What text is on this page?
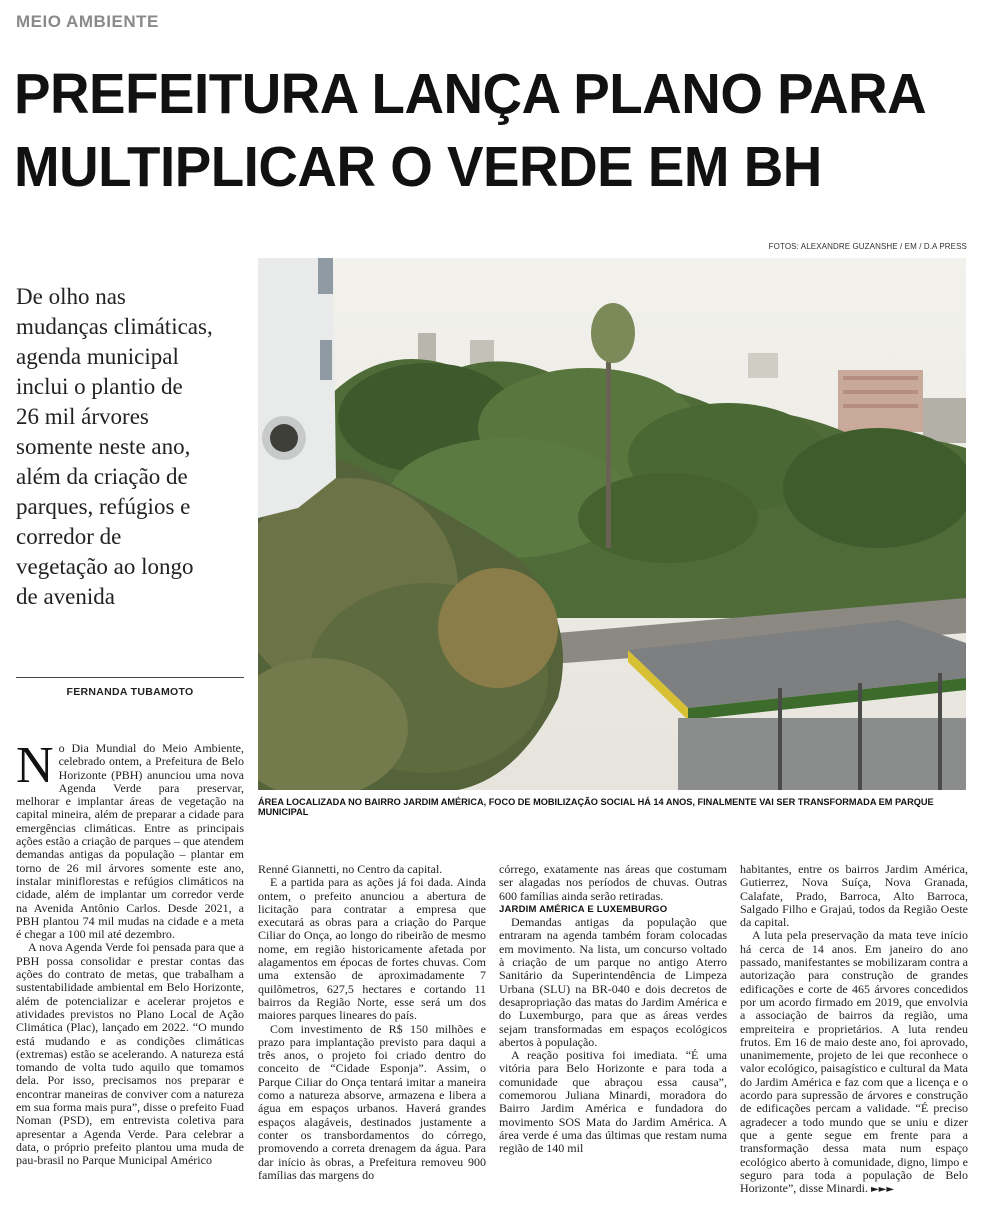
MEIO AMBIENTE
PREFEITURA LANÇA PLANO PARA
MULTIPLICAR O VERDE EM BH
FOTOS: ALEXANDRE GUZANSHE / EM / D.A PRESS
De olho nas
mudanças climáticas,
agenda municipal
inclui o plantio de
26 mil árvores
somente neste ano,
além da criação de
parques, refúgios e
corredor de
vegetação ao longo
de avenida
FERNANDA TUBAMOTO
ÁREA LOCALIZADA NO BAIRRO JARDIM AMÉRICA, FOCO DE MOBILIZAÇÃO SOCIAL HÁ 14 ANOS, FINALMENTE VAI SER TRANSFORMADA EM PARQUE MUNICIPAL

No Dia Mundial do Meio Ambiente, celebrado ontem, a Prefeitura de Belo Horizonte (PBH) anunciou uma nova Agenda Verde para preservar, melhorar e implantar áreas de vegetação na capital mineira, além de preparar a cidade para emergências climáticas. Entre as principais ações estão a criação de parques – que atendem demandas antigas da população – plantar em torno de 26 mil árvores somente este ano, instalar miniflorestas e refúgios climáticos na cidade, além de implantar um corredor verde na Avenida Antônio Carlos. Desde 2021, a PBH plantou 74 mil mudas na cidade e a meta é chegar a 100 mil até dezembro.

A nova Agenda Verde foi pensada para que a PBH possa consolidar e prestar contas das ações do contrato de metas, que trabalham a sustentabilidade ambiental em Belo Horizonte, além de potencializar e acelerar projetos e atividades previstos no Plano Local de Ação Climática (Plac), lançado em 2022. “O mundo está mudando e as condições climáticas (extremas) estão se acelerando. A natureza está tomando de volta tudo aquilo que tomamos dela. Por isso, precisamos nos preparar e encontrar maneiras de conviver com a natureza em sua forma mais pura”, disse o prefeito Fuad Noman (PSD), em entrevista coletiva para apresentar a Agenda Verde. Para celebrar a data, o próprio prefeito plantou uma muda de pau-brasil no Parque Municipal Américo

Renné Giannetti, no Centro da capital.

E a partida para as ações já foi dada. Ainda ontem, o prefeito anunciou a abertura de licitação para contratar a empresa que executará as obras para a criação do Parque Ciliar do Onça, ao longo do ribeirão de mesmo nome, em região historicamente afetada por alagamentos em épocas de fortes chuvas. Com uma extensão de aproximadamente 7 quilômetros, 627,5 hectares e cortando 11 bairros da Região Norte, esse será um dos maiores parques lineares do país.

Com investimento de R$ 150 milhões e prazo para implantação previsto para daqui a três anos, o projeto foi criado dentro do conceito de “Cidade Esponja”. Assim, o Parque Ciliar do Onça tentará imitar a maneira como a natureza absorve, armazena e libera a água em espaços urbanos. Haverá grandes espaços alagáveis, destinados justamente a conter os transbordamentos do córrego, promovendo a correta drenagem da água. Para dar início às obras, a Prefeitura removeu 900 famílias das margens do

córrego, exatamente nas áreas que costumam ser alagadas nos períodos de chuvas. Outras 600 famílias ainda serão retiradas.

JARDIM AMÉRICA E LUXEMBURGO

Demandas antigas da população que entraram na agenda também foram colocadas em movimento. Na lista, um concurso voltado à criação de um parque no antigo Aterro Sanitário da Superintendência de Limpeza Urbana (SLU) na BR-040 e dois decretos de desapropriação das matas do Jardim América e do Luxemburgo, para que as áreas verdes sejam transformadas em espaços ecológicos abertos à população.

A reação positiva foi imediata. “É uma vitória para Belo Horizonte e para toda a comunidade que abraçou essa causa”, comemorou Juliana Minardi, moradora do Bairro Jardim América e fundadora do movimento SOS Mata do Jardim América. A área verde é uma das últimas que restam numa região de 140 mil

habitantes, entre os bairros Jardim América, Gutierrez, Nova Suíça, Nova Granada, Calafate, Prado, Barroca, Alto Barroca, Salgado Filho e Grajaú, todos da Região Oeste da capital.

A luta pela preservação da mata teve início há cerca de 14 anos. Em janeiro do ano passado, manifestantes se mobilizaram contra a autorização para construção de grandes edificações e corte de 465 árvores concedidos por um acordo firmado em 2019, que envolvia a associação de bairros da região, uma empreiteira e proprietários. A luta rendeu frutos. Em 16 de maio deste ano, foi aprovado, unanimemente, projeto de lei que reconhece o valor ecológico, paisagístico e cultural da Mata do Jardim América e faz com que a licença e o acordo para supressão de árvores e construção de edificações percam a validade. “É preciso agradecer a todo mundo que se uniu e dizer que a gente segue em frente para a transformação dessa mata num espaço ecológico aberto à comunidade, digno, limpo e seguro para toda a população de Belo Horizonte”, disse Minardi. ►►►
